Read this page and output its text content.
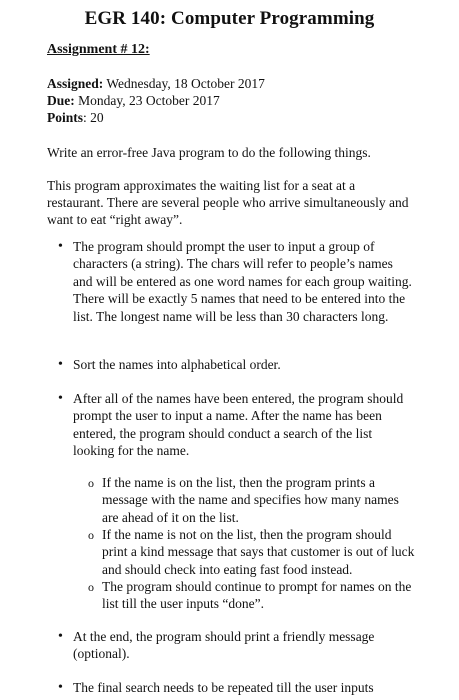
EGR 140: Computer Programming
Assignment # 12:
Assigned: Wednesday, 18 October 2017
Due: Monday, 23 October 2017
Points: 20
Write an error-free Java program to do the following things.
This program approximates the waiting list for a seat at a restaurant. There are several people who arrive simultaneously and want to eat “right away”.
• The program should prompt the user to input a group of characters (a string). The chars will refer to people’s names and will be entered as one word names for each group waiting. There will be exactly 5 names that need to be entered into the list. The longest name will be less than 30 characters long.
• Sort the names into alphabetical order.
• After all of the names have been entered, the program should prompt the user to input a name. After the name has been entered, the program should conduct a search of the list looking for the name.
o If the name is on the list, then the program prints a message with the name and specifies how many names are ahead of it on the list.
o If the name is not on the list, then the program should print a kind message that says that customer is out of luck and should check into eating fast food instead.
o The program should continue to prompt for names on the list till the user inputs “done”.
• At the end, the program should print a friendly message (optional).
• The final search needs to be repeated till the user inputs
